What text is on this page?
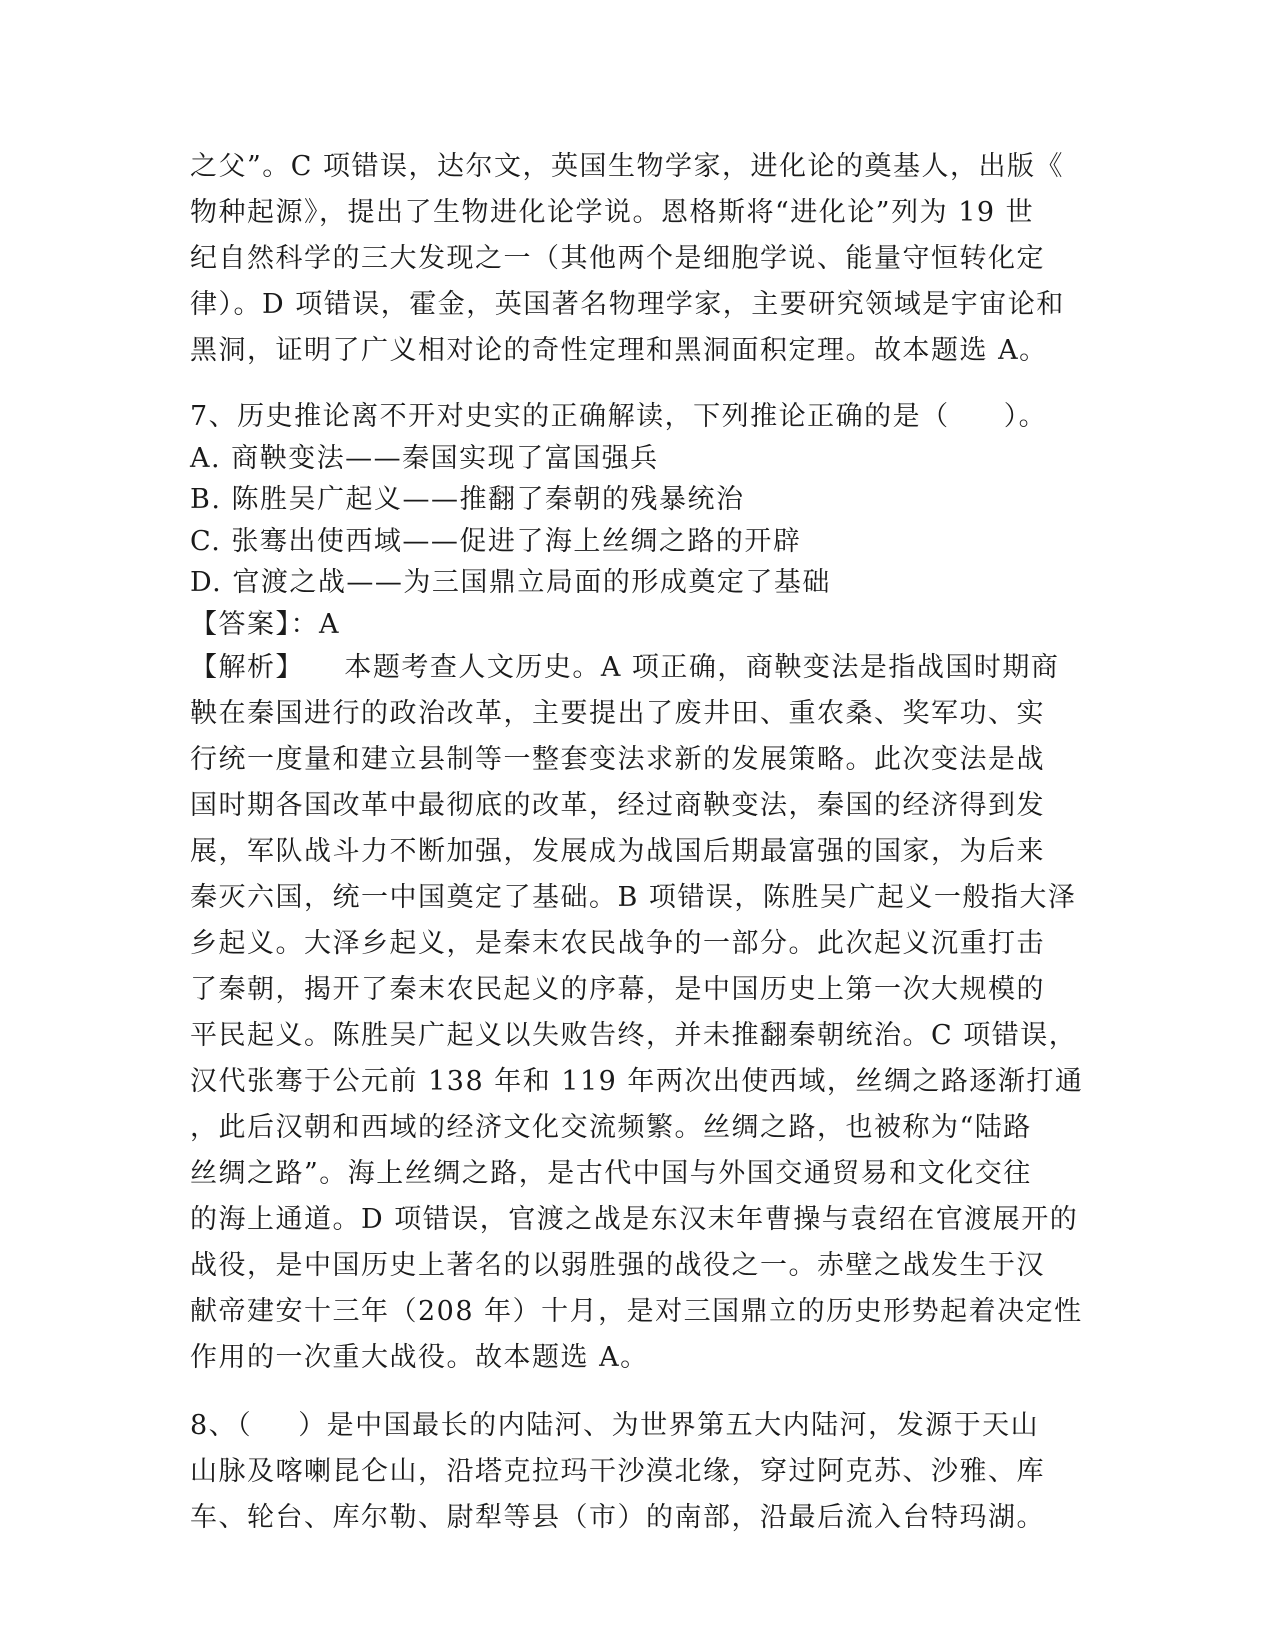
之父”。C 项错误，达尔文，英国生物学家，进化论的奠基人，出版《

物种起源》，提出了生物进化论学说。恩格斯将“进化论”列为 19 世

纪自然科学的三大发现之一（其他两个是细胞学说、能量守恒转化定

律）。D 项错误，霍金，英国著名物理学家，主要研究领域是宇宙论和

黑洞，证明了广义相对论的奇性定理和黑洞面积定理。故本题选 A。

7、历史推论离不开对史实的正确解读，下列推论正确的是（ ）。

A. 商鞅变法——秦国实现了富国强兵

B. 陈胜吴广起义——推翻了秦朝的残暴统治

C. 张骞出使西域——促进了海上丝绸之路的开辟

D. 官渡之战——为三国鼎立局面的形成奠定了基础

【答案】：A

【解析】 本题考查人文历史。A 项正确，商鞅变法是指战国时期商

鞅在秦国进行的政治改革，主要提出了废井田、重农桑、奖军功、实

行统一度量和建立县制等一整套变法求新的发展策略。此次变法是战

国时期各国改革中最彻底的改革，经过商鞅变法，秦国的经济得到发

展，军队战斗力不断加强，发展成为战国后期最富强的国家，为后来

秦灭六国，统一中国奠定了基础。B 项错误，陈胜吴广起义一般指大泽

乡起义。大泽乡起义，是秦末农民战争的一部分。此次起义沉重打击

了秦朝，揭开了秦末农民起义的序幕，是中国历史上第一次大规模的

平民起义。陈胜吴广起义以失败告终，并未推翻秦朝统治。C 项错误，

汉代张骞于公元前 138 年和 119 年两次出使西域，丝绸之路逐渐打通

，此后汉朝和西域的经济文化交流频繁。丝绸之路，也被称为“陆路

丝绸之路”。海上丝绸之路，是古代中国与外国交通贸易和文化交往

的海上通道。D 项错误，官渡之战是东汉末年曹操与袁绍在官渡展开的

战役，是中国历史上著名的以弱胜强的战役之一。赤壁之战发生于汉

献帝建安十三年（208 年）十月，是对三国鼎立的历史形势起着决定性

作用的一次重大战役。故本题选 A。

8、（ ）是中国最长的内陆河、为世界第五大内陆河，发源于天山

山脉及喀喇昆仑山，沿塔克拉玛干沙漠北缘，穿过阿克苏、沙雅、库

车、轮台、库尔勒、尉犁等县（市）的南部，沿最后流入台特玛湖。
